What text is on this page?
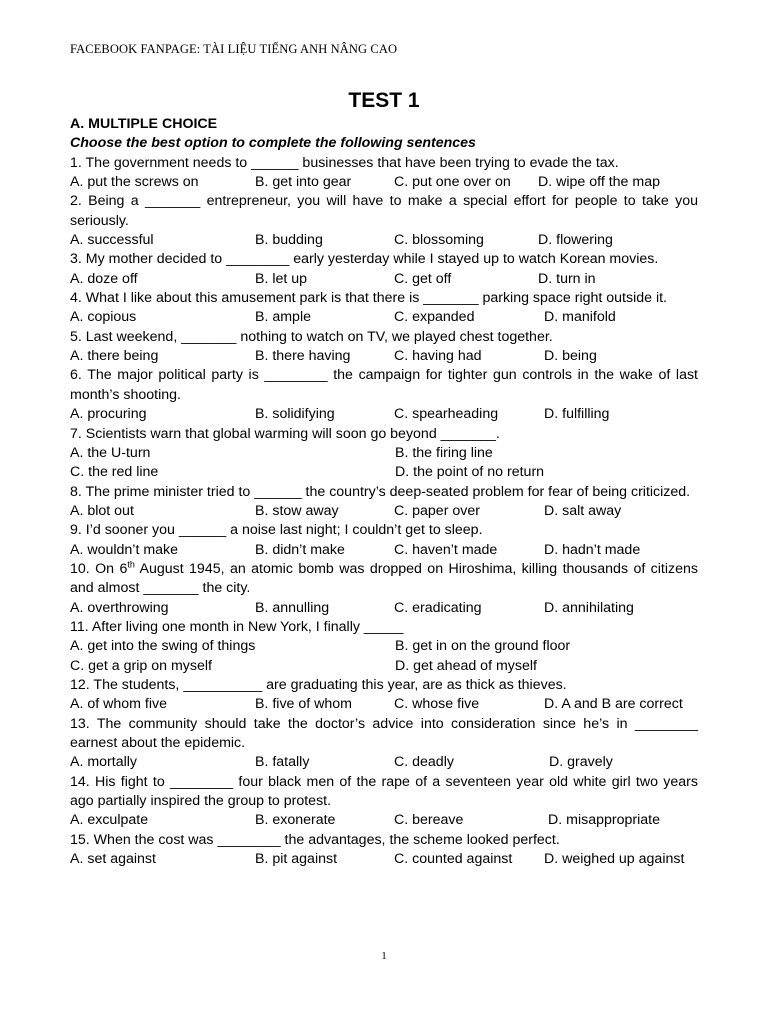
FACEBOOK FANPAGE: TÀI LIỆU TIẾNG ANH NÂNG CAO
TEST 1
A. MULTIPLE CHOICE
Choose the best option to complete the following sentences
1. The government needs to ______ businesses that have been trying to evade the tax.
A. put the screws on	B. get into gear	C. put one over on	D. wipe off the map
2. Being a _______ entrepreneur, you will have to make a special effort for people to take you seriously.
A. successful	B. budding	C. blossoming	D. flowering
3. My mother decided to ________ early yesterday while I stayed up to watch Korean movies.
A. doze off	B. let up	C. get off	D. turn in
4. What I like about this amusement park is that there is _______ parking space right outside it.
A. copious	B. ample	C. expanded	D. manifold
5. Last weekend, _______ nothing to watch on TV, we played chest together.
A. there being	B. there having	C. having had	D. being
6. The major political party is ________ the campaign for tighter gun controls in the wake of last month’s shooting.
A. procuring	B. solidifying	C. spearheading	D. fulfilling
7. Scientists warn that global warming will soon go beyond _______.
A. the U-turn	B. the firing line
C. the red line	D. the point of no return
8. The prime minister tried to ______ the country’s deep-seated problem for fear of being criticized.
A. blot out	B. stow away	C. paper over	D. salt away
9. I’d sooner you ______ a noise last night; I couldn’t get to sleep.
A. wouldn’t make	B. didn’t make	C. haven’t made	D. hadn’t made
10. On 6th August 1945, an atomic bomb was dropped on Hiroshima, killing thousands of citizens and almost _______ the city.
A. overthrowing	B. annulling	C. eradicating	D. annihilating
11. After living one month in New York, I finally _____
A. get into the swing of things	B. get in on the ground floor
C. get a grip on myself	D. get ahead of myself
12. The students, __________ are graduating this year, are as thick as thieves.
A. of whom five	B. five of whom	C. whose five	D. A and B are correct
13. The community should take the doctor’s advice into consideration since he’s in ________ earnest about the epidemic.
A. mortally	B. fatally	C. deadly	D. gravely
14. His fight to ________ four black men of the rape of a seventeen year old white girl two years ago partially inspired the group to protest.
A. exculpate	B. exonerate	C. bereave	D. misappropriate
15. When the cost was ________ the advantages, the scheme looked perfect.
A. set against	B. pit against	C. counted against	D. weighed up against
1
